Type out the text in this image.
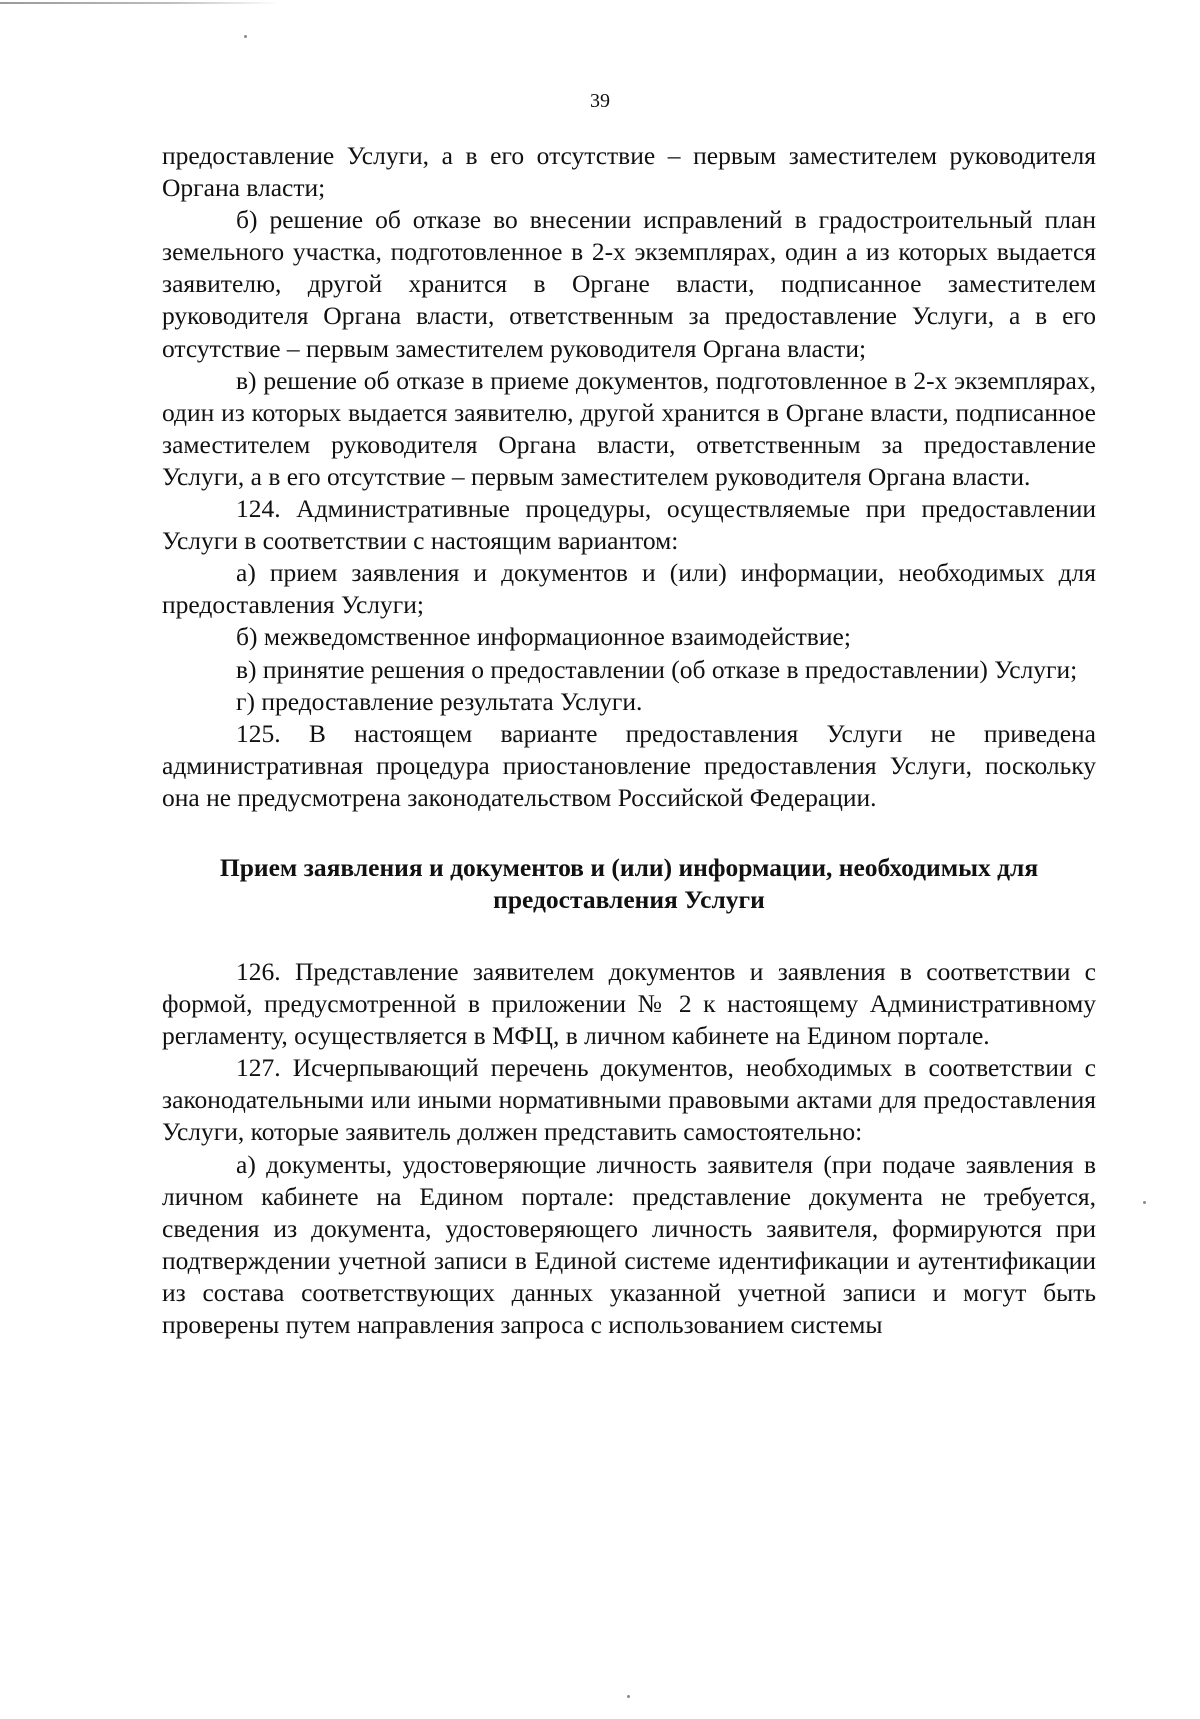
39

предоставление Услуги, а в его отсутствие – первым заместителем руководителя Органа власти;

б) решение об отказе во внесении исправлений в градостроительный план земельного участка, подготовленное в 2-х экземплярах, один а из которых выдается заявителю, другой хранится в Органе власти, подписанное заместителем руководителя Органа власти, ответственным за предоставление Услуги, а в его отсутствие – первым заместителем руководителя Органа власти;

в) решение об отказе в приеме документов, подготовленное в 2-х экземплярах, один из которых выдается заявителю, другой хранится в Органе власти, подписанное заместителем руководителя Органа власти, ответственным за предоставление Услуги, а в его отсутствие – первым заместителем руководителя Органа власти.

124. Административные процедуры, осуществляемые при предоставлении Услуги в соответствии с настоящим вариантом:

а) прием заявления и документов и (или) информации, необходимых для предоставления Услуги;

б) межведомственное информационное взаимодействие;

в) принятие решения о предоставлении (об отказе в предоставлении) Услуги;

г) предоставление результата Услуги.

125. В настоящем варианте предоставления Услуги не приведена административная процедура приостановление предоставления Услуги, поскольку она не предусмотрена законодательством Российской Федерации.

Прием заявления и документов и (или) информации, необходимых для предоставления Услуги

126. Представление заявителем документов и заявления в соответствии с формой, предусмотренной в приложении № 2 к настоящему Административному регламенту, осуществляется в МФЦ, в личном кабинете на Едином портале.

127. Исчерпывающий перечень документов, необходимых в соответствии с законодательными или иными нормативными правовыми актами для предоставления Услуги, которые заявитель должен представить самостоятельно:

а) документы, удостоверяющие личность заявителя (при подаче заявления в личном кабинете на Едином портале: представление документа не требуется, сведения из документа, удостоверяющего личность заявителя, формируются при подтверждении учетной записи в Единой системе идентификации и аутентификации из состава соответствующих данных указанной учетной записи и могут быть проверены путем направления запроса с использованием системы
